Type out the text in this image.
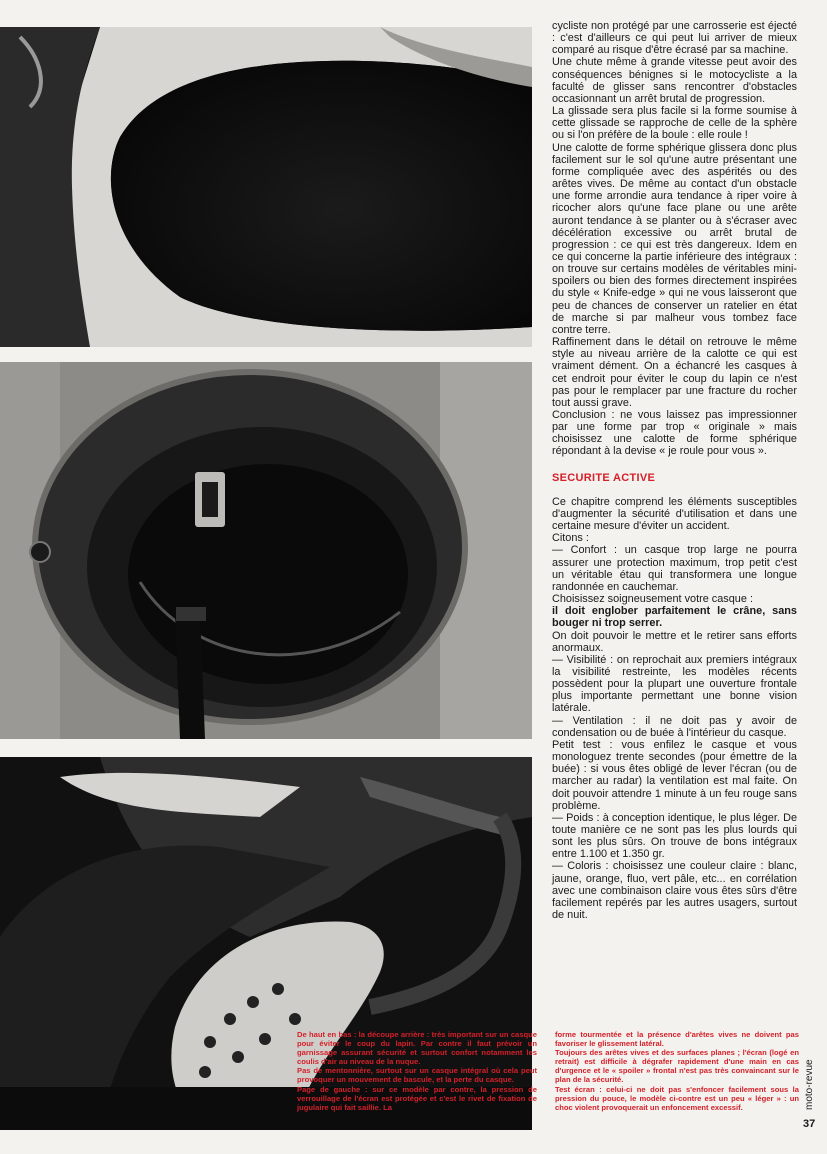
cycliste non protégé par une carrosserie est éjecté : c'est d'ailleurs ce qui peut lui arriver de mieux comparé au risque d'être écrasé par sa machine.

Une chute même à grande vitesse peut avoir des conséquences bénignes si le motocycliste a la faculté de glisser sans rencontrer d'obstacles occasionnant un arrêt brutal de progression.

La glissade sera plus facile si la forme soumise à cette glissade se rapproche de celle de la sphère ou si l'on préfère de la boule : elle roule !

Une calotte de forme sphérique glissera donc plus facilement sur le sol qu'une autre présentant une forme compliquée avec des aspérités ou des arêtes vives. De même au contact d'un obstacle une forme arrondie aura tendance à riper voire à ricocher alors qu'une face plane ou une arête auront tendance à se planter ou à s'écraser avec décélération excessive ou arrêt brutal de progression : ce qui est très dangereux. Idem en ce qui concerne la partie inférieure des intégraux : on trouve sur certains modèles de véritables mini-spoilers ou bien des formes directement inspirées du style « Knife-edge » qui ne vous laisseront que peu de chances de conserver un ratelier en état de marche si par malheur vous tombez face contre terre.

Raffinement dans le détail on retrouve le même style au niveau arrière de la calotte ce qui est vraiment dément. On a échancré les casques à cet endroit pour éviter le coup du lapin ce n'est pas pour le remplacer par une fracture du rocher tout aussi grave.

Conclusion : ne vous laissez pas impressionner par une forme par trop « originale » mais choisissez une calotte de forme sphérique répondant à la devise « je roule pour vous ».

SECURITE ACTIVE

Ce chapitre comprend les éléments susceptibles d'augmenter la sécurité d'utilisation et dans une certaine mesure d'éviter un accident.

Citons :

— Confort : un casque trop large ne pourra assurer une protection maximum, trop petit c'est un véritable étau qui transformera une longue randonnée en cauchemar.

Choisissez soigneusement votre casque :

il doit englober parfaitement le crâne, sans bouger ni trop serrer.

On doit pouvoir le mettre et le retirer sans efforts anormaux.

— Visibilité : on reprochait aux premiers intégraux la visibilité restreinte, les modèles récents possèdent pour la plupart une ouverture frontale plus importante permettant une bonne vision latérale.

— Ventilation : il ne doit pas y avoir de condensation ou de buée à l'intérieur du casque.

Petit test : vous enfilez le casque et vous monologuez trente secondes (pour émettre de la buée) : si vous êtes obligé de lever l'écran (ou de marcher au radar) la ventilation est mal faite. On doit pouvoir attendre 1 minute à un feu rouge sans problème.

— Poids : à conception identique, le plus léger. De toute manière ce ne sont pas les plus lourds qui sont les plus sûrs. On trouve de bons intégraux entre 1.100 et 1.350 gr.

— Coloris : choisissez une couleur claire : blanc, jaune, orange, fluo, vert pâle, etc... en corrélation avec une combinaison claire vous êtes sûrs d'être facilement repérés par les autres usagers, surtout de nuit.

De haut en bas : la découpe arrière : très important sur un casque pour éviter le coup du lapin. Par contre il faut prévoir un garnissage assurant sécurité et surtout confort notamment les coulis d'air au niveau de la nuque.

Pas de mentonnière, surtout sur un casque intégral où cela peut provoquer un mouvement de bascule, et la perte du casque.

Page de gauche : sur ce modèle par contre, la pression de verrouillage de l'écran est protégée et c'est le rivet de fixation de jugulaire qui fait saillie. La

forme tourmentée et la présence d'arêtes vives ne doivent pas favoriser le glissement latéral.

Toujours des arêtes vives et des surfaces planes ; l'écran (logé en retrait) est difficile à dégrafer rapidement d'une main en cas d'urgence et le « spoiler » frontal n'est pas très convaincant sur le plan de la sécurité.

Test écran : celui-ci ne doit pas s'enfoncer facilement sous la pression du pouce, le modèle ci-contre est un peu « léger » : un choc violent provoquerait un enfoncement excessif.	moto-revue
37
